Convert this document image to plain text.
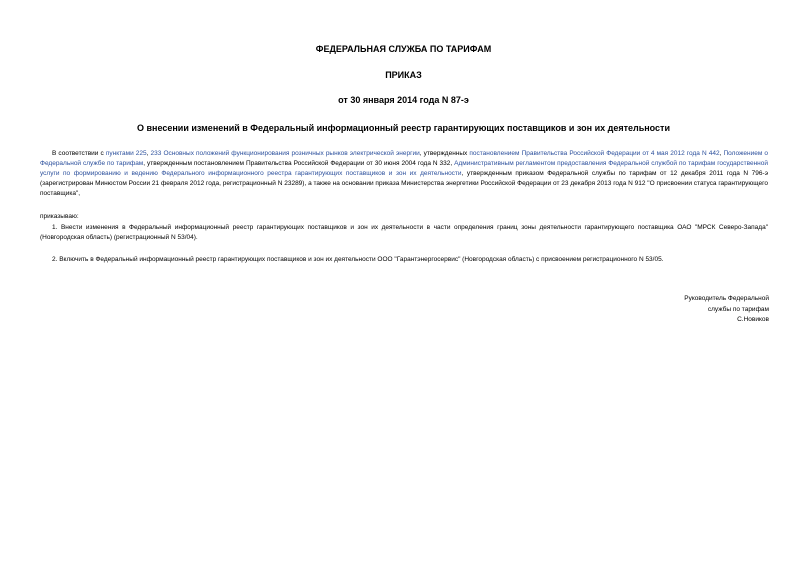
ФЕДЕРАЛЬНАЯ СЛУЖБА ПО ТАРИФАМ
ПРИКАЗ
от 30 января 2014 года N 87-э
О внесении изменений в Федеральный информационный реестр гарантирующих поставщиков и зон их деятельности

В соответствии с пунктами 225, 233 Основных положений функционирования розничных рынков электрической энергии, утвержденных постановлением Правительства Российской Федерации от 4 мая 2012 года N 442, Положением о Федеральной службе по тарифам, утвержденным постановлением Правительства Российской Федерации от 30 июня 2004 года N 332, Административным регламентом предоставления Федеральной службой по тарифам государственной услуги по формированию и ведению Федерального информационного реестра гарантирующих поставщиков и зон их деятельности, утвержденным приказом Федеральной службы по тарифам от 12 декабря 2011 года N 796-э (зарегистрирован Минюстом России 21 февраля 2012 года, регистрационный N 23289), а также на основании приказа Министерства энергетики Российской Федерации от 23 декабря 2013 года N 912 "О присвоении статуса гарантирующего поставщика",

приказываю:

1. Внести изменения в Федеральный информационный реестр гарантирующих поставщиков и зон их деятельности в части определения границ зоны деятельности гарантирующего поставщика ОАО "МРСК Северо-Запада" (Новгородская область) (регистрационный N 53/04).

2. Включить в Федеральный информационный реестр гарантирующих поставщиков и зон их деятельности ООО "Гарантэнергосервис" (Новгородская область) с присвоением регистрационного N 53/05.

Руководитель Федеральной
службы по тарифам
С.Новиков
